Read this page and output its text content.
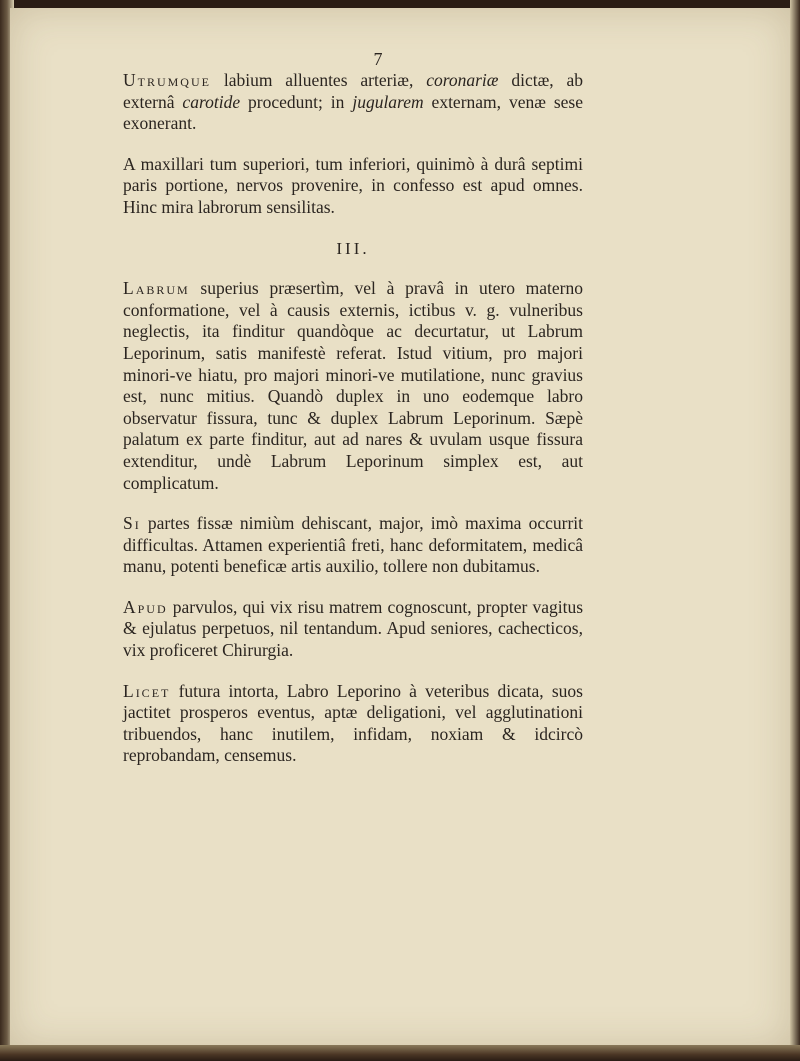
7

Utrumque labium alluentes arteriæ, coronariæ dictæ, ab externâ carotide procedunt; in jugularem externam, venæ sese exonerant.

A maxillari tum superiori, tum inferiori, quinimò à durâ septimi paris portione, nervos provenire, in confesso est apud omnes. Hinc mira labrorum sensilitas.

III.

Labrum superius præsertìm, vel à pravâ in utero materno conformatione, vel à causis externis, ictibus v. g. vulneribus neglectis, ita finditur quandòque ac decurtatur, ut Labrum Leporinum, satis manifestè referat. Istud vitium, pro majori minori-ve hiatu, pro majori minori-ve mutilatione, nunc gravius est, nunc mitius. Quandò duplex in uno eodemque labro observatur fissura, tunc & duplex Labrum Leporinum. Sæpè palatum ex parte finditur, aut ad nares & uvulam usque fissura extenditur, undè Labrum Leporinum simplex est, aut complicatum.

Si partes fissæ nimiùm dehiscant, major, imò maxima occurrit difficultas. Attamen experientiâ freti, hanc deformitatem, medicâ manu, potenti beneficæ artis auxilio, tollere non dubitamus.

Apud parvulos, qui vix risu matrem cognoscunt, propter vagitus & ejulatus perpetuos, nil tentandum. Apud seniores, cachecticos, vix proficeret Chirurgia.

Licet futura intorta, Labro Leporino à veteribus dicata, suos jactitet prosperos eventus, aptæ deligationi, vel agglutinationi tribuendos, hanc inutilem, infidam, noxiam & idcircò reprobandam, censemus.
